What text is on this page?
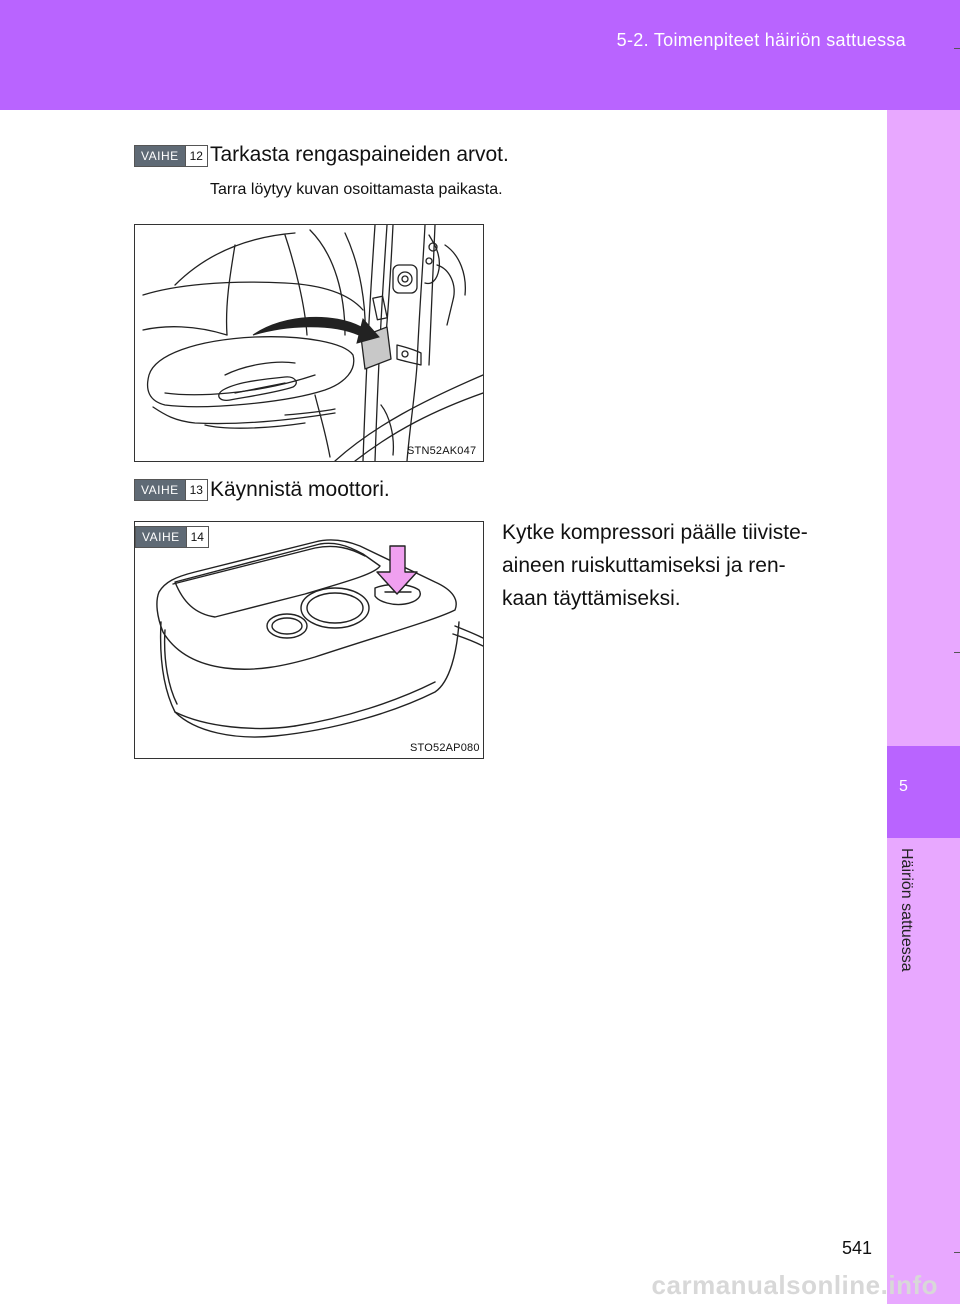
5-2. Toimenpiteet häiriön sattuessa
5
Häiriön sattuessa
VAIHE 12 Tarkasta rengaspaineiden arvot.
Tarra löytyy kuvan osoittamasta paikasta.
STN52AK047
VAIHE 13 Käynnistä moottori.
VAIHE 14
STO52AP080
Kytke kompressori päälle tiiviste-
aineen ruiskuttamiseksi ja ren-
kaan täyttämiseksi.
541
carmanualsonline.info
